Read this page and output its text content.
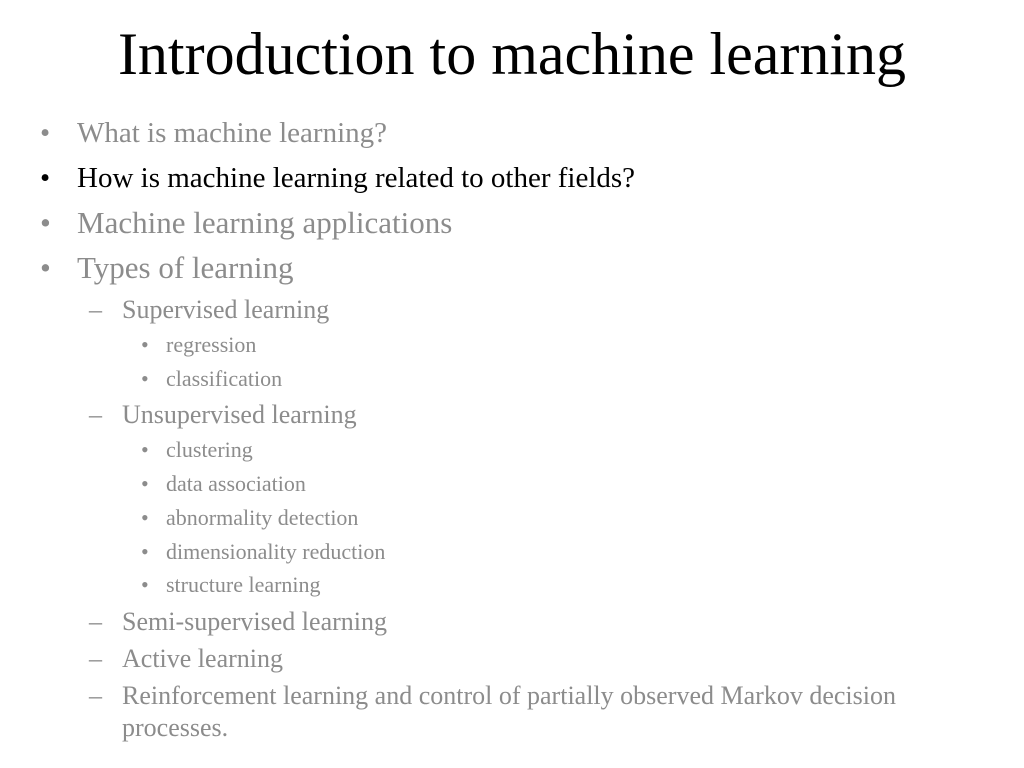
Introduction to machine learning
• What is machine learning?
• How is machine learning related to other fields?
• Machine learning applications
• Types of learning
– Supervised learning
• regression
• classification
– Unsupervised learning
• clustering
• data association
• abnormality detection
• dimensionality reduction
• structure learning
– Semi-supervised learning
– Active learning
– Reinforcement learning and control of partially observed Markov decision processes.
